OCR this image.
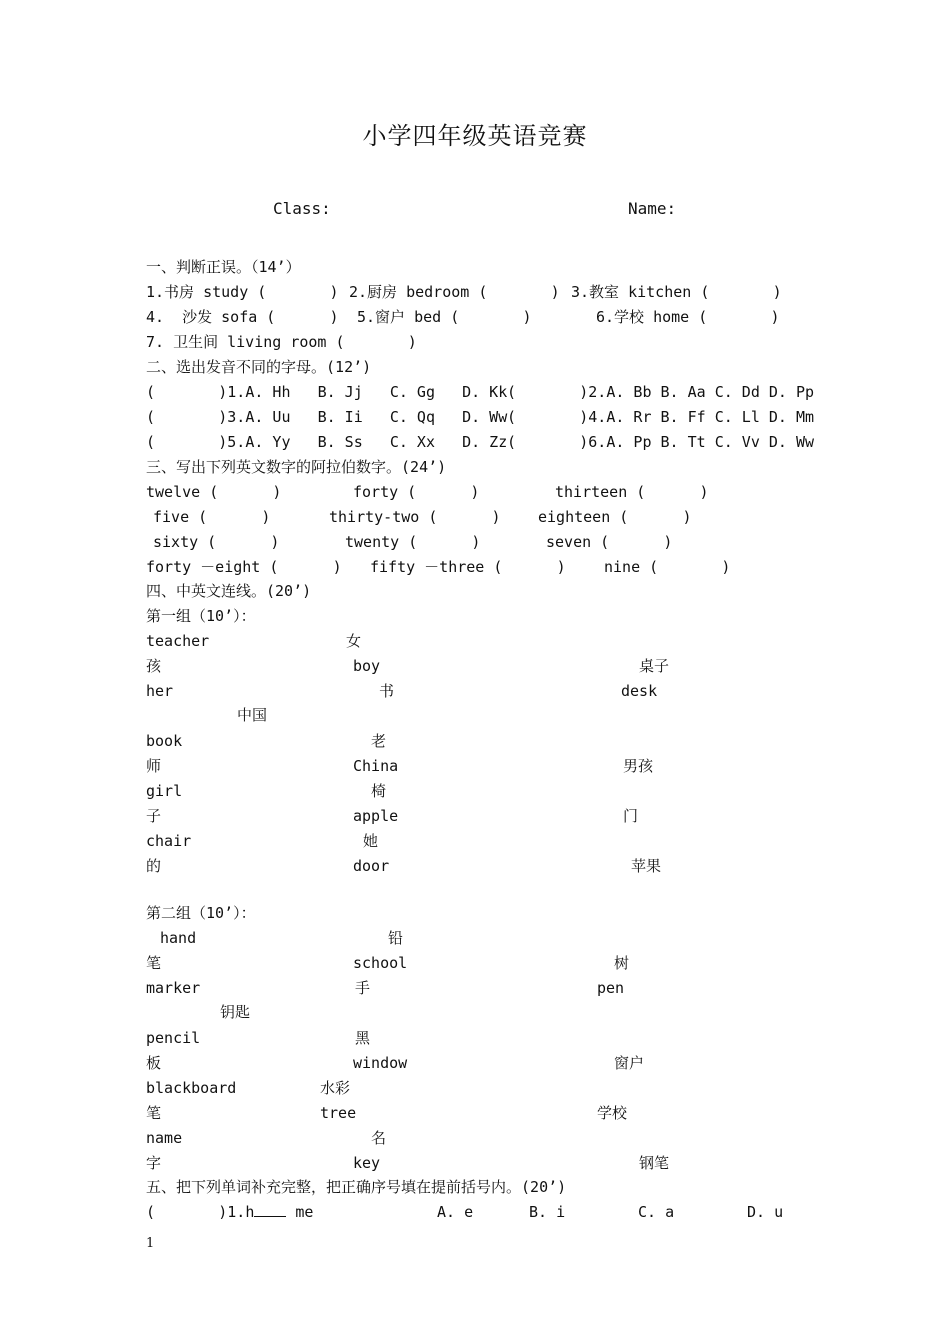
小学四年级英语竞赛
Class:	Name:
一、判断正误。（14’）
1.书房 study (       ) 2.厨房 bedroom (       ) 3.教室 kitchen (       )
4.  沙发 sofa (      ) 5.窗户 bed (       )	6.学校 home (       )
7. 卫生间 living room (       )
二、选出发音不同的字母。(12’)
(       )1.A. Hh   B. Jj   C. Gg   D. Kk (       )2.A. Bb B. Aa C. Dd D. Pp
(       )3.A. Uu   B. Ii   C. Qq   D. Ww (       )4.A. Rr B. Ff C. Ll D. Mm
(       )5.A. Yy   B. Ss   C. Xx   D. Zz (       )6.A. Pp B. Tt C. Vv D. Ww
三、写出下列英文数字的阿拉伯数字。(24’)
twelve (      )	forty (      )	thirteen (      )
five (      )	thirty-two (      ) eighteen (      )
sixty (      )	twenty (      )	seven (      )
forty －eight (      ) fifty －three (      )	nine (       )
四、中英文连线。(20’)
第一组（10’）：
teacher	女
孩	boy	桌子
her	书	desk
中国
book	老
师	China	男孩
girl	椅
子	apple	门
chair	她
的	door	苹果
第二组（10’）：
hand	铅
笔	school	树
marker	手	pen
钥匙
pencil	黑
板	window	窗户
blackboard	水彩
笔	tree	学校
name	名
字	key	钢笔
五、把下列单词补充完整，把正确序号填在提前括号内。(20’)
(       )1.h me	A. e	B. i	C. a	D. u
1
